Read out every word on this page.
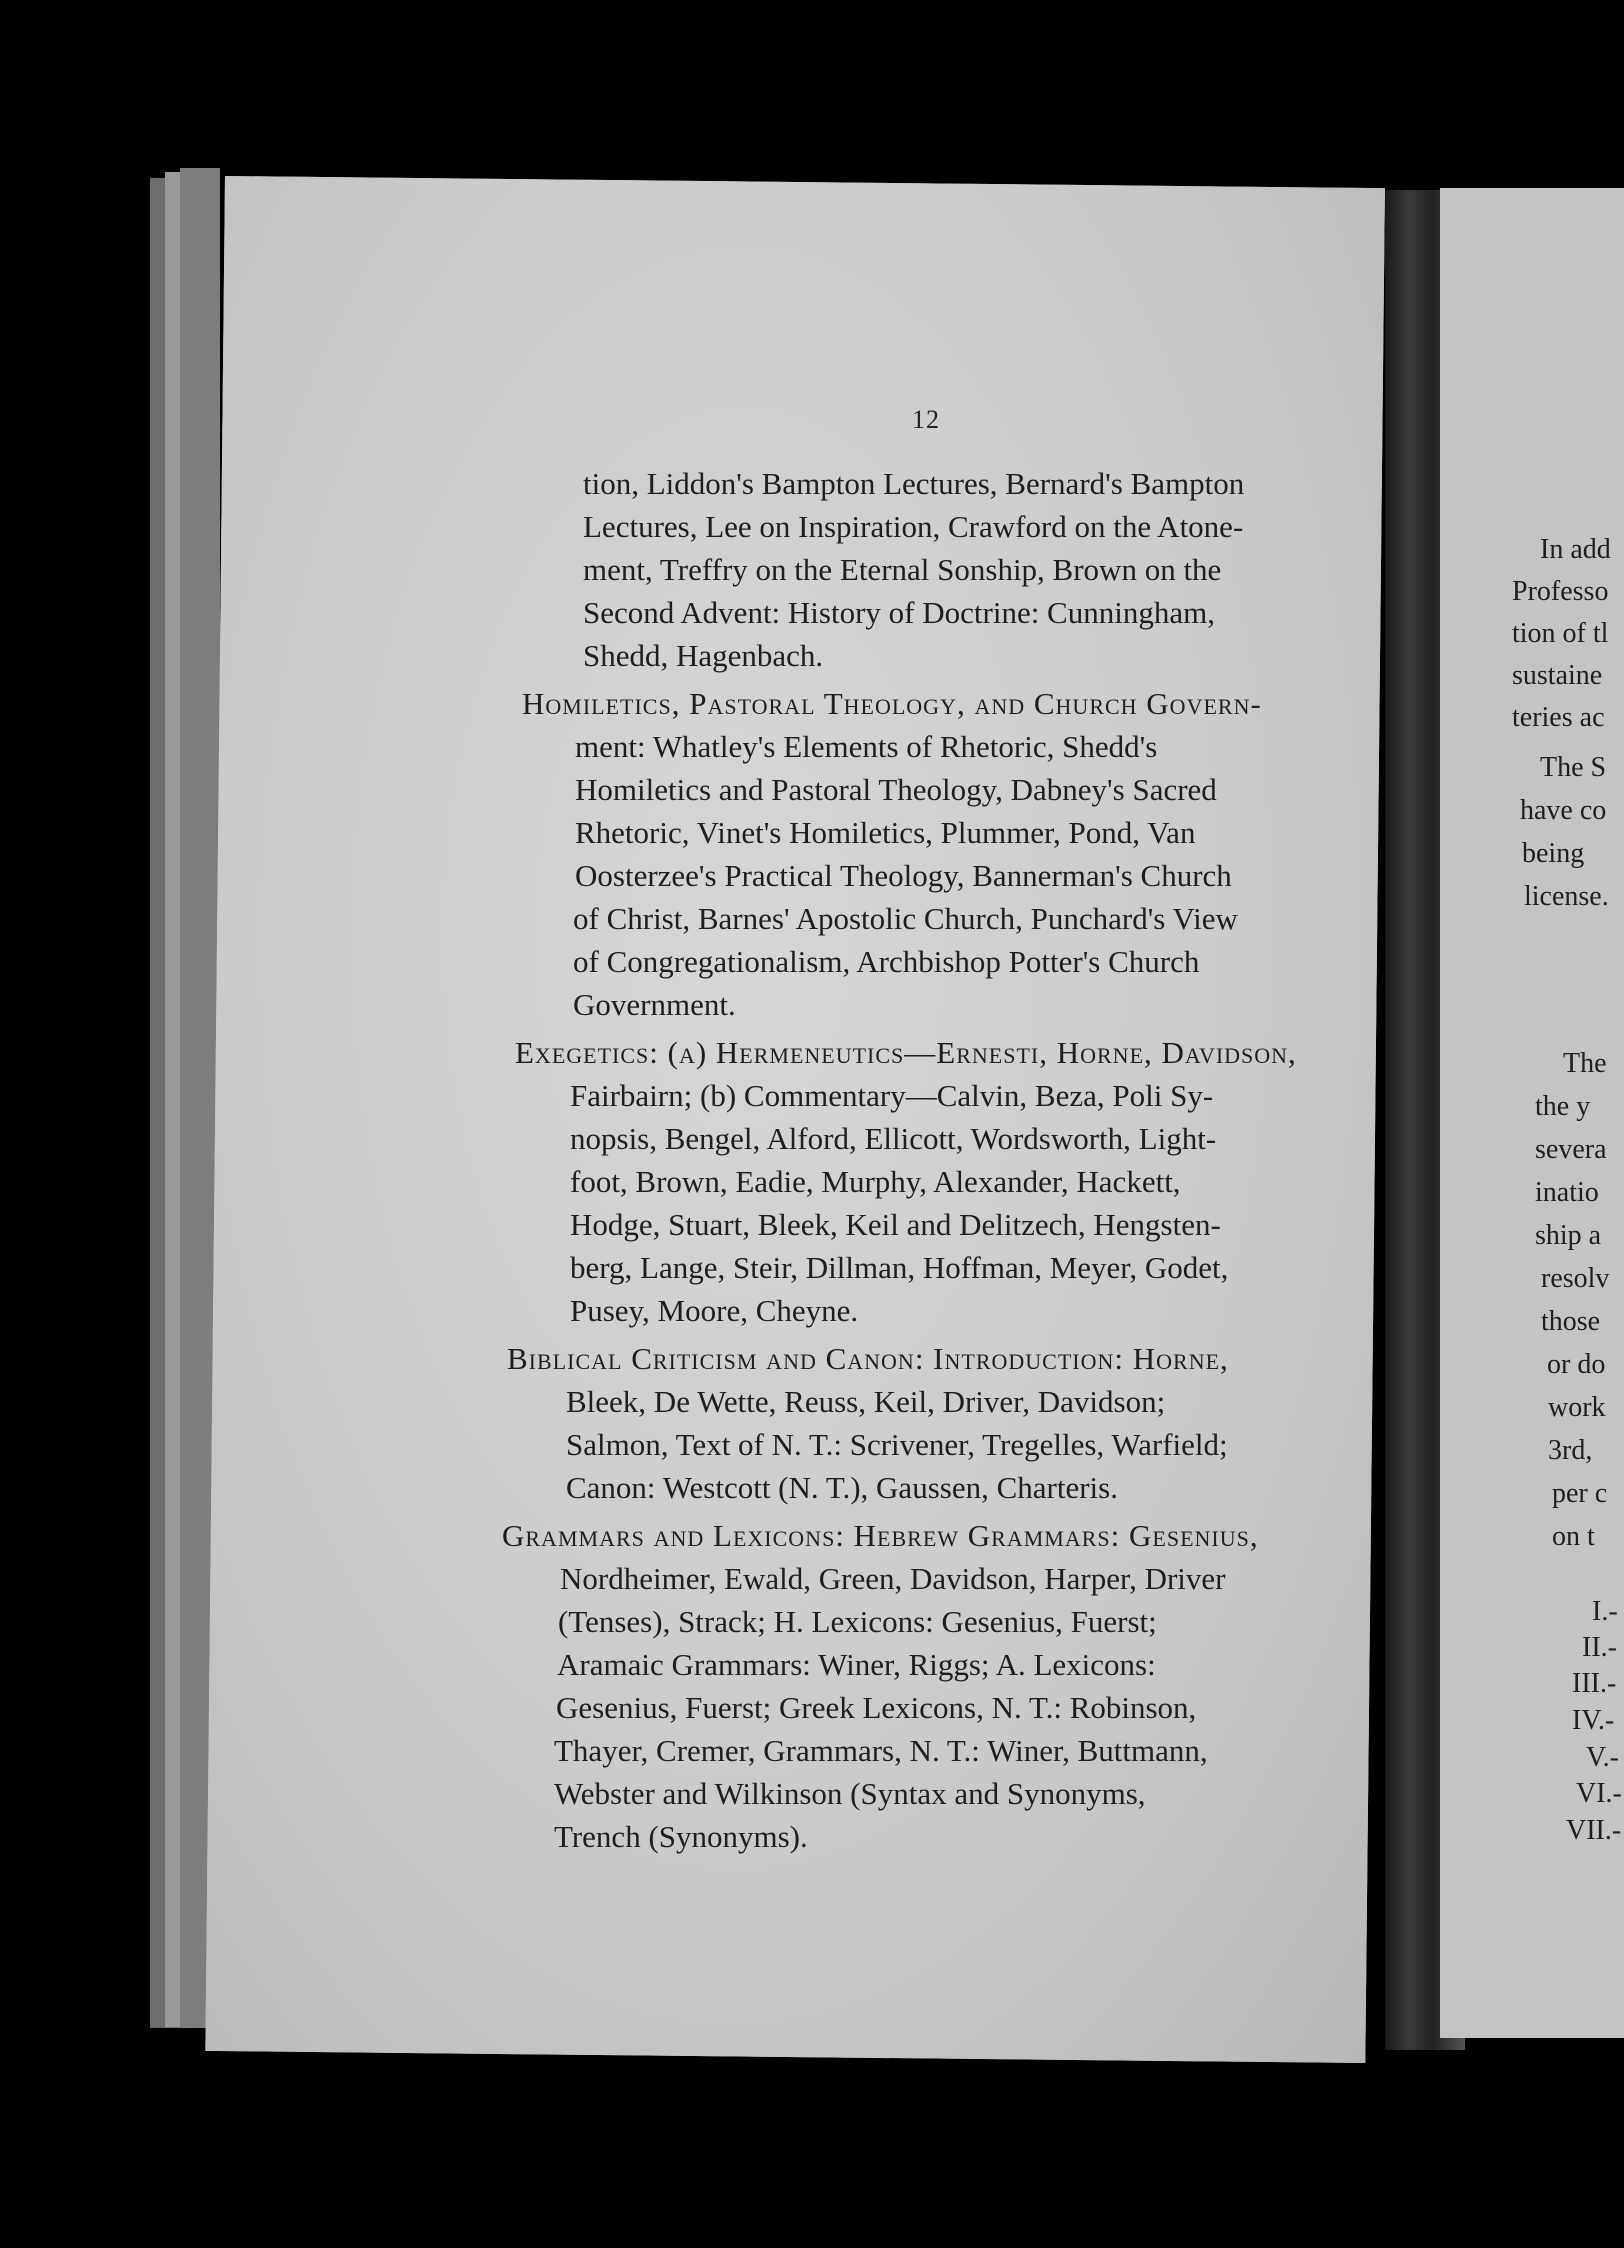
12
tion, Liddon's Bampton Lectures, Bernard's Bampton
Lectures, Lee on Inspiration, Crawford on the Atone-
ment, Treffry on the Eternal Sonship, Brown on the
Second Advent: History of Doctrine: Cunningham,
Shedd, Hagenbach.
Homiletics, Pastoral Theology, and Church Govern-
ment: Whatley's Elements of Rhetoric, Shedd's
Homiletics and Pastoral Theology, Dabney's Sacred
Rhetoric, Vinet's Homiletics, Plummer, Pond, Van
Oosterzee's Practical Theology, Bannerman's Church
of Christ, Barnes' Apostolic Church, Punchard's View
of Congregationalism, Archbishop Potter's Church
Government.
Exegetics: (a) Hermeneutics—Ernesti, Horne, Davidson,
Fairbairn; (b) Commentary—Calvin, Beza, Poli Sy-
nopsis, Bengel, Alford, Ellicott, Wordsworth, Light-
foot, Brown, Eadie, Murphy, Alexander, Hackett,
Hodge, Stuart, Bleek, Keil and Delitzech, Hengsten-
berg, Lange, Steir, Dillman, Hoffman, Meyer, Godet,
Pusey, Moore, Cheyne.
Biblical Criticism and Canon: Introduction: Horne,
Bleek, De Wette, Reuss, Keil, Driver, Davidson;
Salmon, Text of N. T.: Scrivener, Tregelles, Warfield;
Canon: Westcott (N. T.), Gaussen, Charteris.
Grammars and Lexicons: Hebrew Grammars: Gesenius,
Nordheimer, Ewald, Green, Davidson, Harper, Driver
(Tenses), Strack; H. Lexicons: Gesenius, Fuerst;
Aramaic Grammars: Winer, Riggs; A. Lexicons:
Gesenius, Fuerst; Greek Lexicons, N. T.: Robinson,
Thayer, Cremer, Grammars, N. T.: Winer, Buttmann,
Webster and Wilkinson (Syntax and Synonyms,
Trench (Synonyms).
In add
Professo
tion of tl
sustaine
teries ac
The S
have co
being
license.
The
the y
severa
inatio
ship a
resolv
those
or do
work
3rd,
per c
on t
I.-
II.-
III.-
IV.-
V.-
VI.-
VII.-
